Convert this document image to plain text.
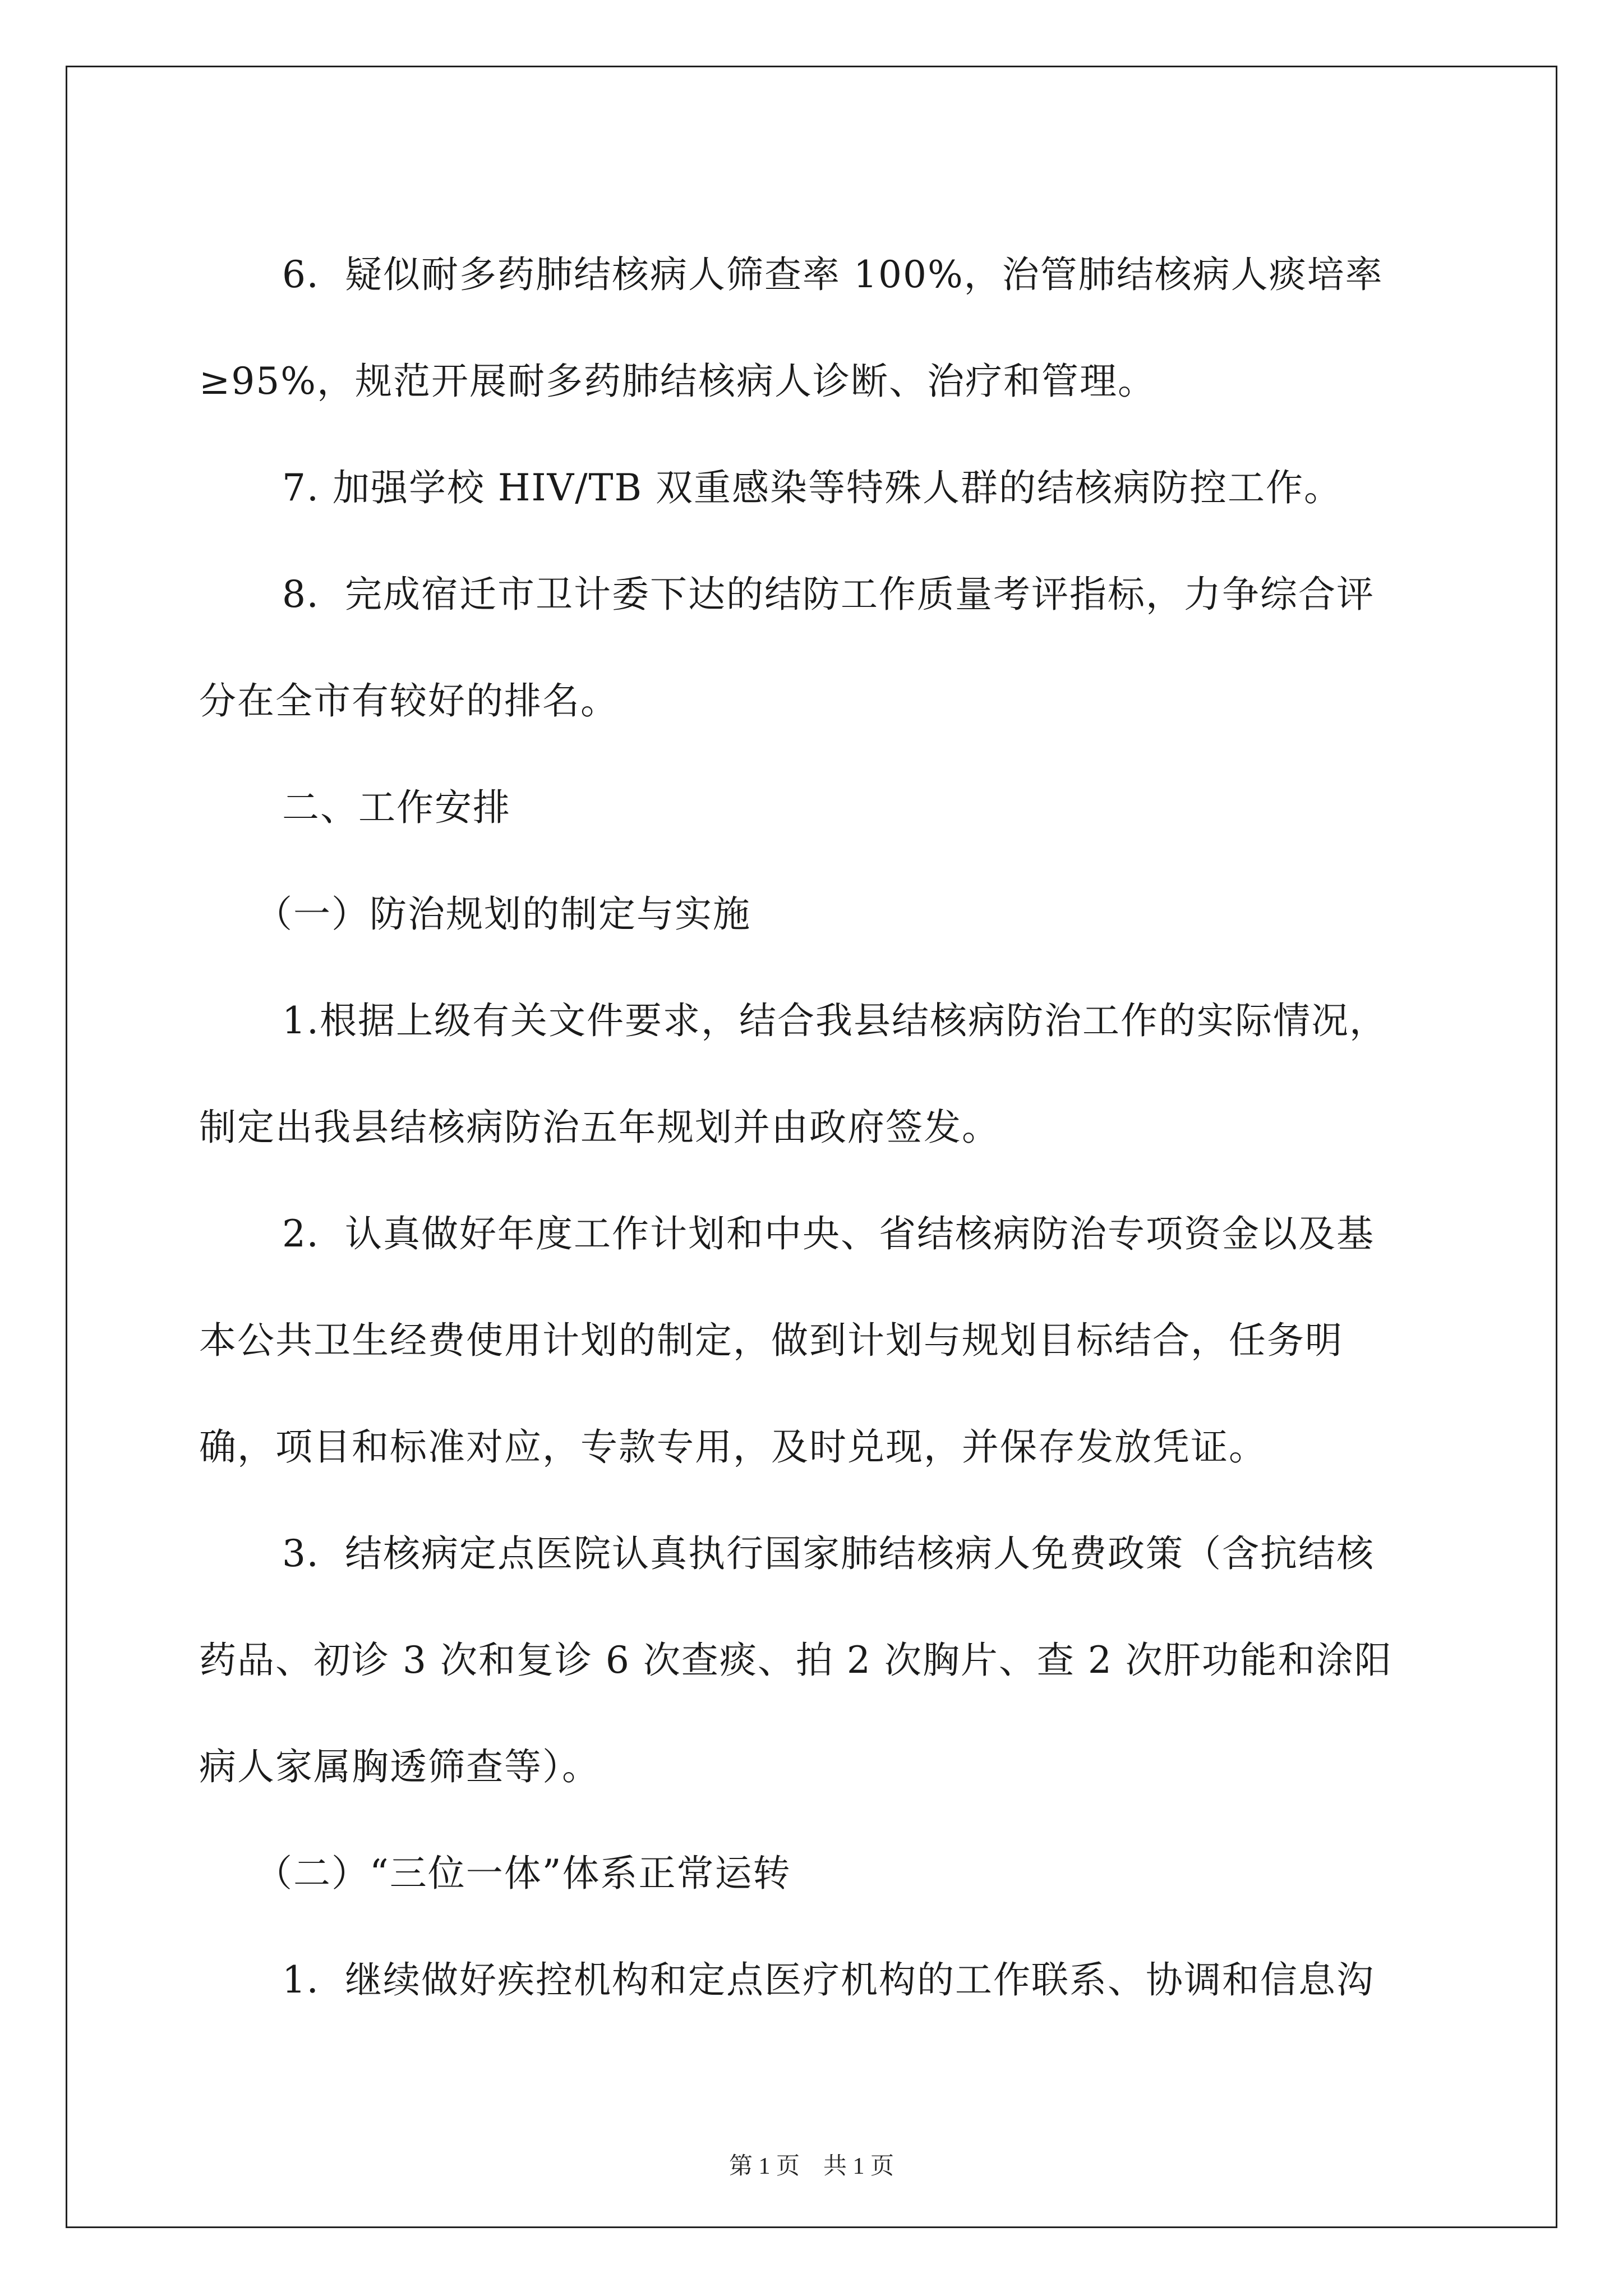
6．疑似耐多药肺结核病人筛查率 100%，治管肺结核病人痰培率

≥95%，规范开展耐多药肺结核病人诊断、治疗和管理。

7. 加强学校 HIV/TB 双重感染等特殊人群的结核病防控工作。

8．完成宿迁市卫计委下达的结防工作质量考评指标，力争综合评

分在全市有较好的排名。

二、工作安排

（一）防治规划的制定与实施

1.根据上级有关文件要求，结合我县结核病防治工作的实际情况，

制定出我县结核病防治五年规划并由政府签发。

2．认真做好年度工作计划和中央、省结核病防治专项资金以及基

本公共卫生经费使用计划的制定，做到计划与规划目标结合，任务明

确，项目和标准对应，专款专用，及时兑现，并保存发放凭证。

3．结核病定点医院认真执行国家肺结核病人免费政策（含抗结核

药品、初诊 3 次和复诊 6 次查痰、拍 2 次胸片、查 2 次肝功能和涂阳

病人家属胸透筛查等）。

（二）“三位一体”体系正常运转

1．继续做好疾控机构和定点医疗机构的工作联系、协调和信息沟

第 1 页　共 1 页
